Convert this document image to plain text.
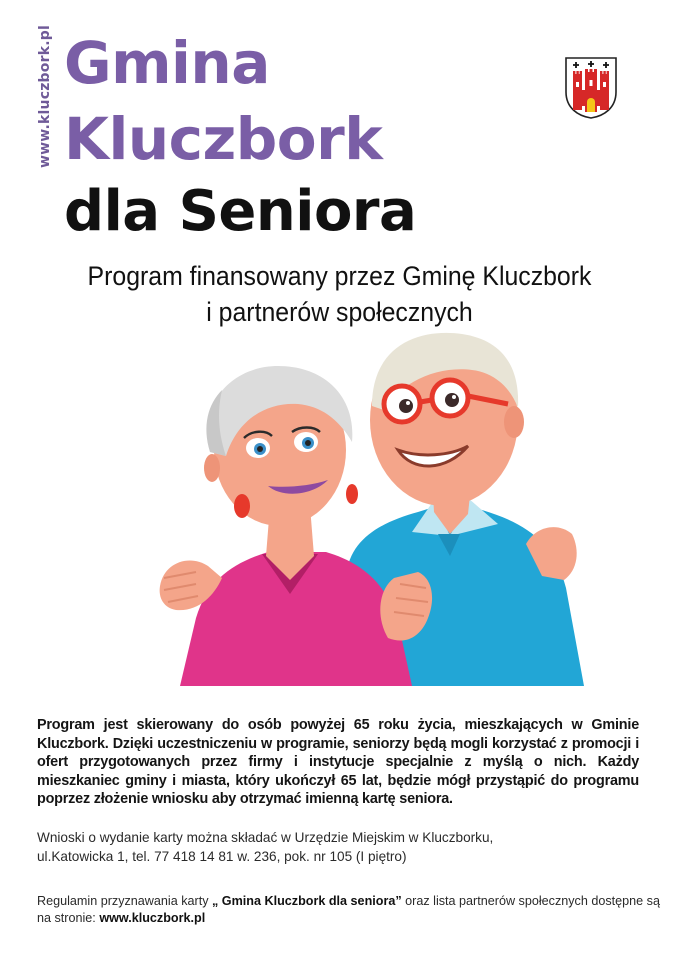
www.kluczbork.pl Gmina
Kluczbork
dla Seniora
Program finansowany przez Gminę Kluczbork
i partnerów społecznych
Program jest skierowany do osób powyżej 65 roku życia, mieszkających w Gminie Kluczbork. Dzięki uczestniczeniu w programie, seniorzy będą mogli korzystać z promocji i ofert przygotowanych przez firmy i instytucje specjalnie z myślą o nich. Każdy mieszkaniec gminy i miasta, który ukończył 65 lat, będzie mógł przystąpić do programu poprzez złożenie wniosku aby otrzymać imienną kartę seniora.
Wnioski o wydanie karty można składać w Urzędzie Miejskim w Kluczborku,
ul.Katowicka 1, tel. 77 418 14 81 w. 236, pok. nr 105 (I piętro)
Regulamin przyznawania karty „ Gmina Kluczbork dla seniora” oraz lista partnerów społecznych dostępne są
na stronie: www.kluczbork.pl
